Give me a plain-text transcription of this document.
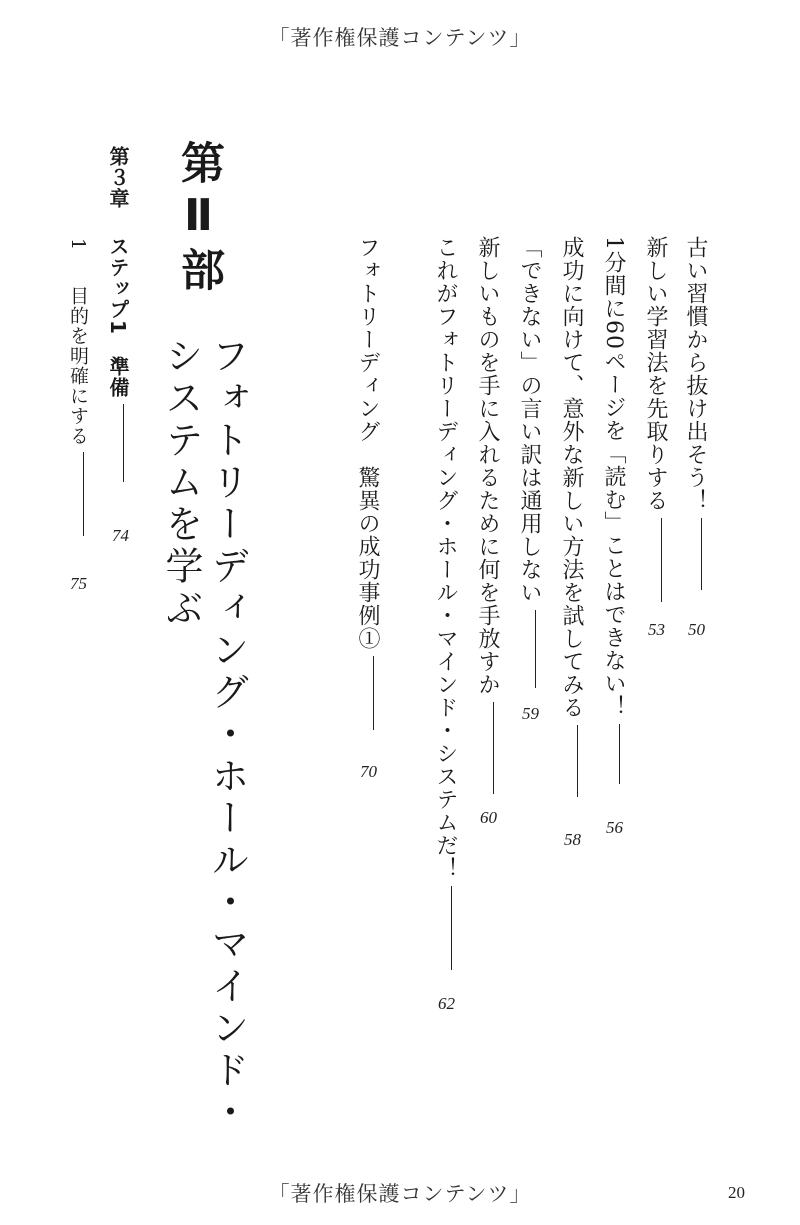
「著作権保護コンテンツ」
古い習慣から抜け出そう！
50
新しい学習法を先取りする
53
1分間に60ページを「読む」ことはできない！
56
成功に向けて、意外な新しい方法を試してみる
58
「できない」の言い訳は通用しない
59
新しいものを手に入れるために何を手放すか
60
これがフォトリーディング・ホール・マインド・システムだ！
62
フォトリーディング　驚異の成功事例①
70
フォトリーディング・ホール・マインド・
システムを学ぶ
第Ⅱ部
第３章
ステップ1　準備
74
1
目的を明確にする
75
「著作権保護コンテンツ」	20
